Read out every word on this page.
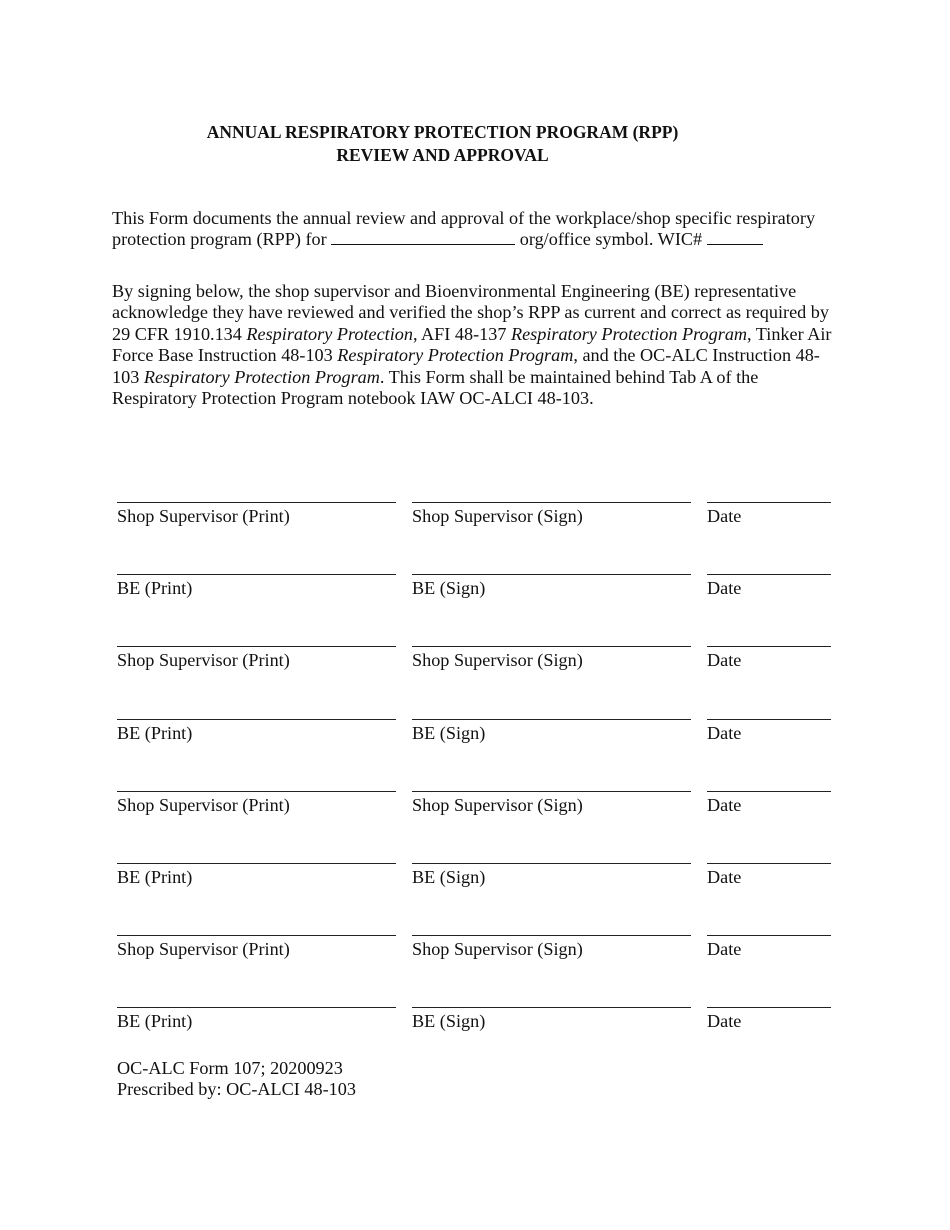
ANNUAL RESPIRATORY PROTECTION PROGRAM (RPP)
REVIEW AND APPROVAL
This Form documents the annual review and approval of the workplace/shop specific respiratory protection program (RPP) for	org/office symbol. WIC#
By signing below, the shop supervisor and Bioenvironmental Engineering (BE) representative acknowledge they have reviewed and verified the shop’s RPP as current and correct as required by 29 CFR 1910.134 Respiratory Protection, AFI 48-137 Respiratory Protection Program, Tinker Air Force Base Instruction 48-103 Respiratory Protection Program, and the OC-ALC Instruction 48-103 Respiratory Protection Program. This Form shall be maintained behind Tab A of the Respiratory Protection Program notebook IAW OC-ALCI 48-103.
Shop Supervisor (Print)	Shop Supervisor (Sign)	Date
BE (Print)	BE (Sign)	Date
Shop Supervisor (Print)	Shop Supervisor (Sign)	Date
BE (Print)	BE (Sign)	Date
Shop Supervisor (Print)	Shop Supervisor (Sign)	Date
BE (Print)	BE (Sign)	Date
Shop Supervisor (Print)	Shop Supervisor (Sign)	Date
BE (Print)	BE (Sign)	Date
OC-ALC Form 107; 20200923
Prescribed by: OC-ALCI 48-103
